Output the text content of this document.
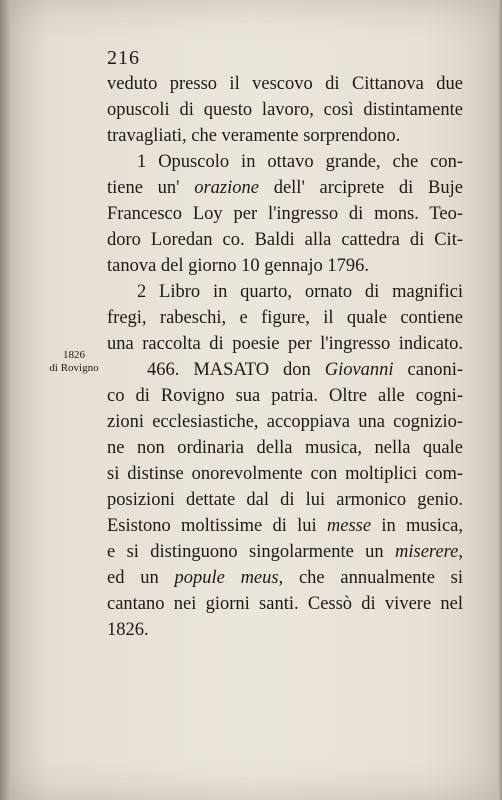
216
1826
di Rovigno
veduto presso il vescovo di Cittanova due
opuscoli di questo lavoro, così distintamente
travagliati, che veramente sorprendono.
1 Opuscolo in ottavo grande, che con-
tiene un' orazione dell' arciprete di Buje
Francesco Loy per l'ingresso di mons. Teo-
doro Loredan co. Baldi alla cattedra di Cit-
tanova del giorno 10 gennajo 1796.
2 Libro in quarto, ornato di magnifici
fregi, rabeschi, e figure, il quale contiene
una raccolta di poesie per l'ingresso indicato.
466. MASATO don Giovanni canoni-
co di Rovigno sua patria. Oltre alle cogni-
zioni ecclesiastiche, accoppiava una cognizio-
ne non ordinaria della musica, nella quale
si distinse onorevolmente con moltiplici com-
posizioni dettate dal di lui armonico genio.
Esistono moltissime di lui messe in musica,
e si distinguono singolarmente un miserere,
ed un popule meus, che annualmente si
cantano nei giorni santi. Cessò di vivere nel
1826.
